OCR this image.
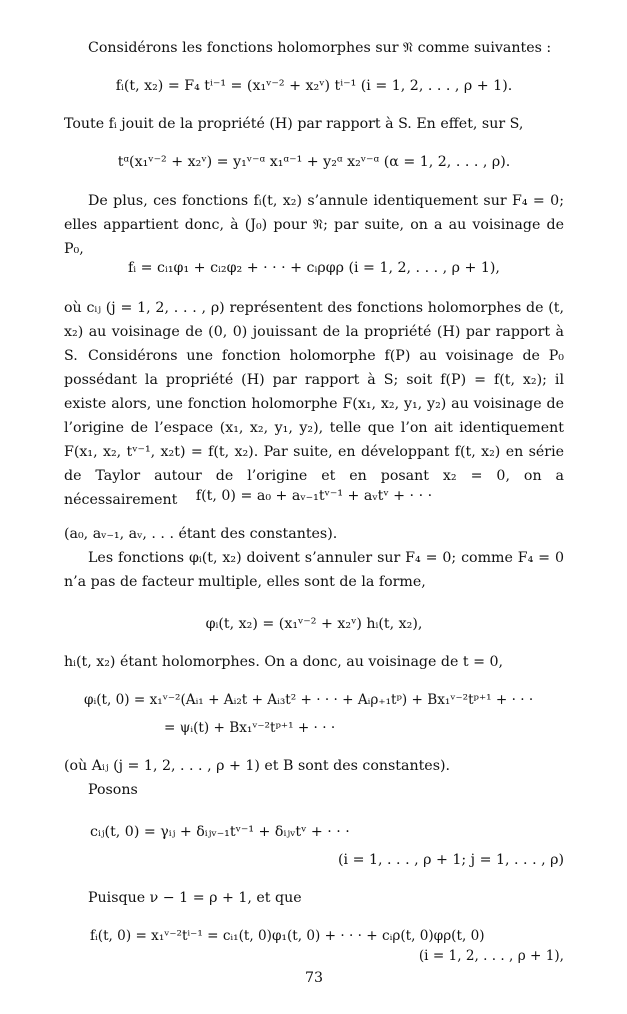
Considérons les fonctions holomorphes sur 𝔑 comme suivantes :

fᵢ(t, x₂) = F₄ tⁱ⁻¹ = (x₁ᵛ⁻² + x₂ᵛ) tⁱ⁻¹ (i = 1, 2, . . . , ρ + 1).

Toute fᵢ jouit de la propriété (H) par rapport à S. En effet, sur S,

tᵅ(x₁ᵛ⁻² + x₂ᵛ) = y₁ᵛ⁻ᵅ x₁ᵅ⁻¹ + y₂ᵅ x₂ᵛ⁻ᵅ (α = 1, 2, . . . , ρ).

De plus, ces fonctions fᵢ(t, x₂) s’annule identiquement sur F₄ = 0; elles appartient donc, à (J₀) pour 𝔑; par suite, on a au voisinage de P₀,

fᵢ = cᵢ₁φ₁ + cᵢ₂φ₂ + · · · + cᵢρφρ (i = 1, 2, . . . , ρ + 1),

où cᵢⱼ (j = 1, 2, . . . , ρ) représentent des fonctions holomorphes de (t, x₂) au voisinage de (0, 0) jouissant de la propriété (H) par rapport à S. Considérons une fonction holomorphe f(P) au voisinage de P₀ possédant la propriété (H) par rapport à S; soit f(P) = f(t, x₂); il existe alors, une fonction holomorphe F(x₁, x₂, y₁, y₂) au voisinage de l’origine de l’espace (x₁, x₂, y₁, y₂), telle que l’on ait identiquement F(x₁, x₂, tᵛ⁻¹, x₂t) = f(t, x₂). Par suite, en développant f(t, x₂) en série de Taylor autour de l’origine et en posant x₂ = 0, on a nécessairement	f(t, 0) = a₀ + aᵥ₋₁tᵛ⁻¹ + aᵥtᵛ + · · ·

(a₀, aᵥ₋₁, aᵥ, . . . étant des constantes).

Les fonctions φᵢ(t, x₂) doivent s’annuler sur F₄ = 0; comme F₄ = 0 n’a pas de facteur multiple, elles sont de la forme,

φᵢ(t, x₂) = (x₁ᵛ⁻² + x₂ᵛ) hᵢ(t, x₂),

hᵢ(t, x₂) étant holomorphes. On a donc, au voisinage de t = 0,

φᵢ(t, 0) = x₁ᵛ⁻²(Aᵢ₁ + Aᵢ₂t + Aᵢ₃t² + · · · + Aᵢρ₊₁tᵖ) + Bx₁ᵛ⁻²tᵖ⁺¹ + · · ·

= ψᵢ(t) + Bx₁ᵛ⁻²tᵖ⁺¹ + · · ·

(où Aᵢⱼ (j = 1, 2, . . . , ρ + 1) et B sont des constantes).

Posons

cᵢⱼ(t, 0) = γᵢⱼ + δᵢⱼᵥ₋₁tᵛ⁻¹ + δᵢⱼᵥtᵛ + · · ·

(i = 1, . . . , ρ + 1; j = 1, . . . , ρ)

Puisque ν − 1 = ρ + 1, et que

fᵢ(t, 0) = x₁ᵛ⁻²tⁱ⁻¹ = cᵢ₁(t, 0)φ₁(t, 0) + · · · + cᵢρ(t, 0)φρ(t, 0)

(i = 1, 2, . . . , ρ + 1),

73
